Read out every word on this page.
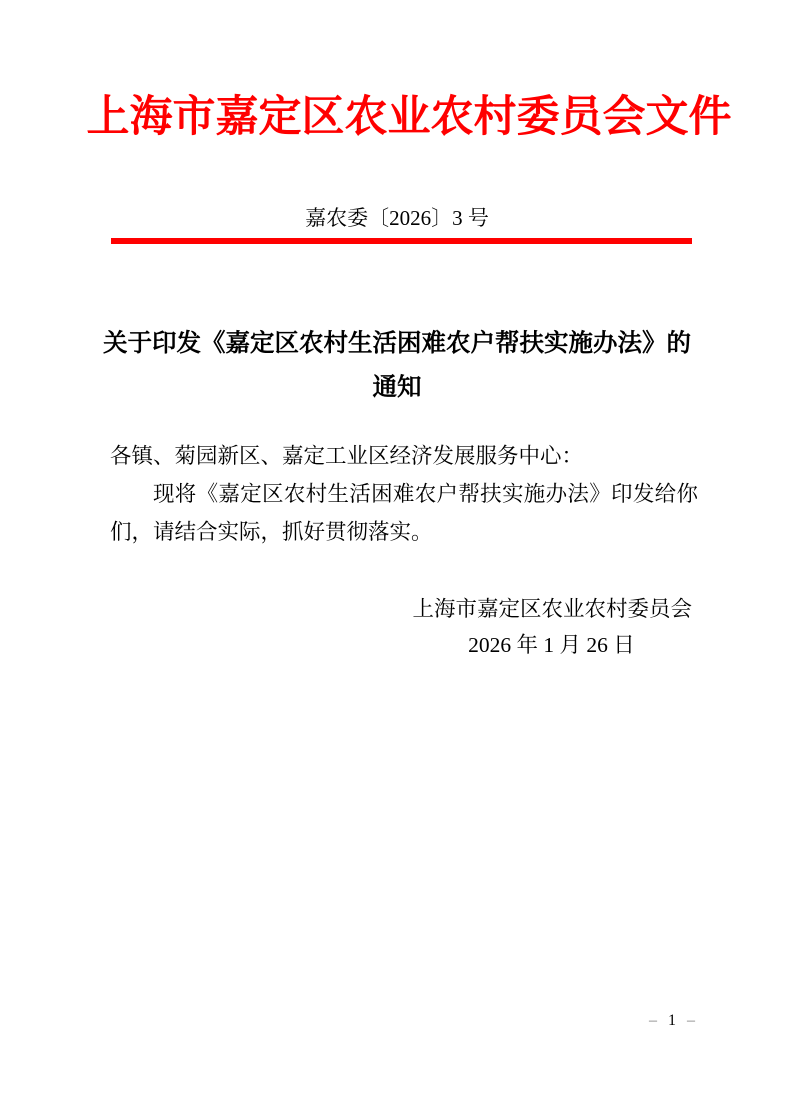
上海市嘉定区农业农村委员会文件
嘉农委〔2026〕3 号
关于印发《嘉定区农村生活困难农户帮扶实施办法》的
通知
各镇、菊园新区、嘉定工业区经济发展服务中心：

现将《嘉定区农村生活困难农户帮扶实施办法》印发给你们，请结合实际，抓好贯彻落实。

上海市嘉定区农业农村委员会
2026 年 1 月 26 日
– 1 –
